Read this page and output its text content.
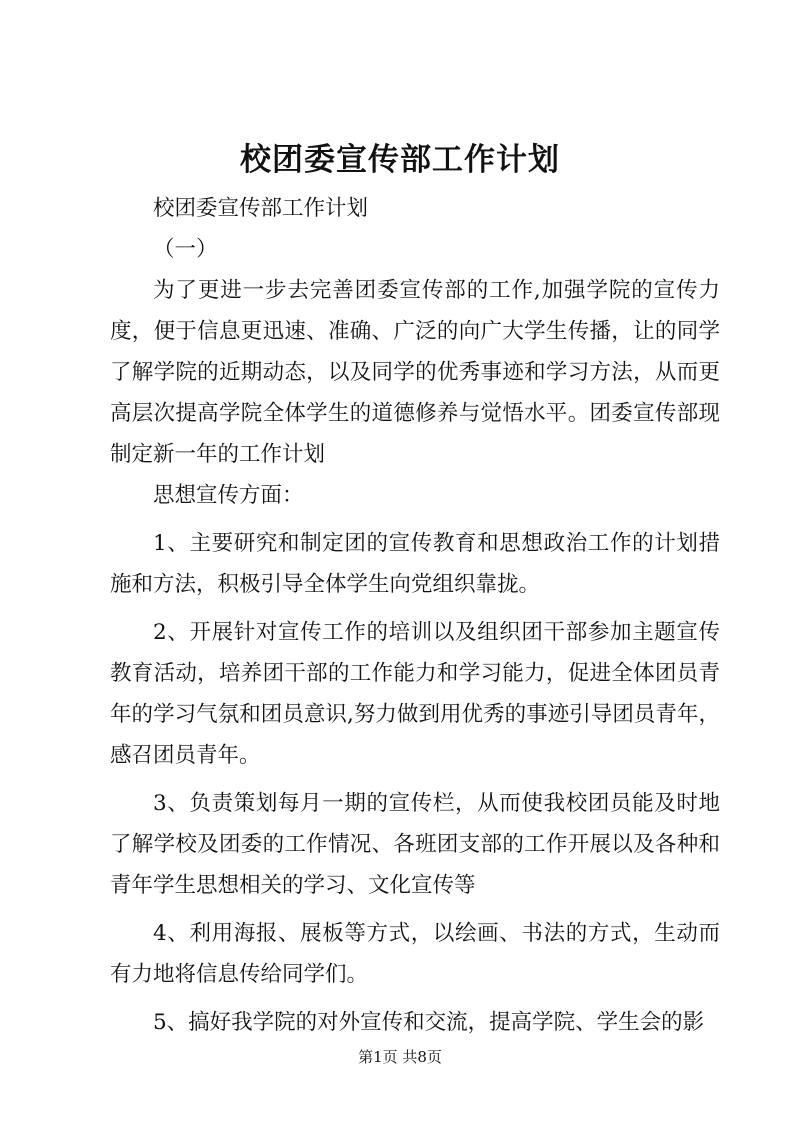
校团委宣传部工作计划

校团委宣传部工作计划

（一）

为了更进一步去完善团委宣传部的工作,加强学院的宣传力度，便于信息更迅速、准确、广泛的向广大学生传播，让的同学了解学院的近期动态，以及同学的优秀事迹和学习方法，从而更高层次提高学院全体学生的道德修养与觉悟水平。团委宣传部现制定新一年的工作计划

思想宣传方面：

1、主要研究和制定团的宣传教育和思想政治工作的计划措施和方法，积极引导全体学生向党组织靠拢。

2、开展针对宣传工作的培训以及组织团干部参加主题宣传教育活动，培养团干部的工作能力和学习能力，促进全体团员青年的学习气氛和团员意识,努力做到用优秀的事迹引导团员青年，感召团员青年。

3、负责策划每月一期的宣传栏，从而使我校团员能及时地了解学校及团委的工作情况、各班团支部的工作开展以及各种和青年学生思想相关的学习、文化宣传等

4、利用海报、展板等方式，以绘画、书法的方式，生动而有力地将信息传给同学们。

5、搞好我学院的对外宣传和交流，提高学院、学生会的影

第1页 共8页
